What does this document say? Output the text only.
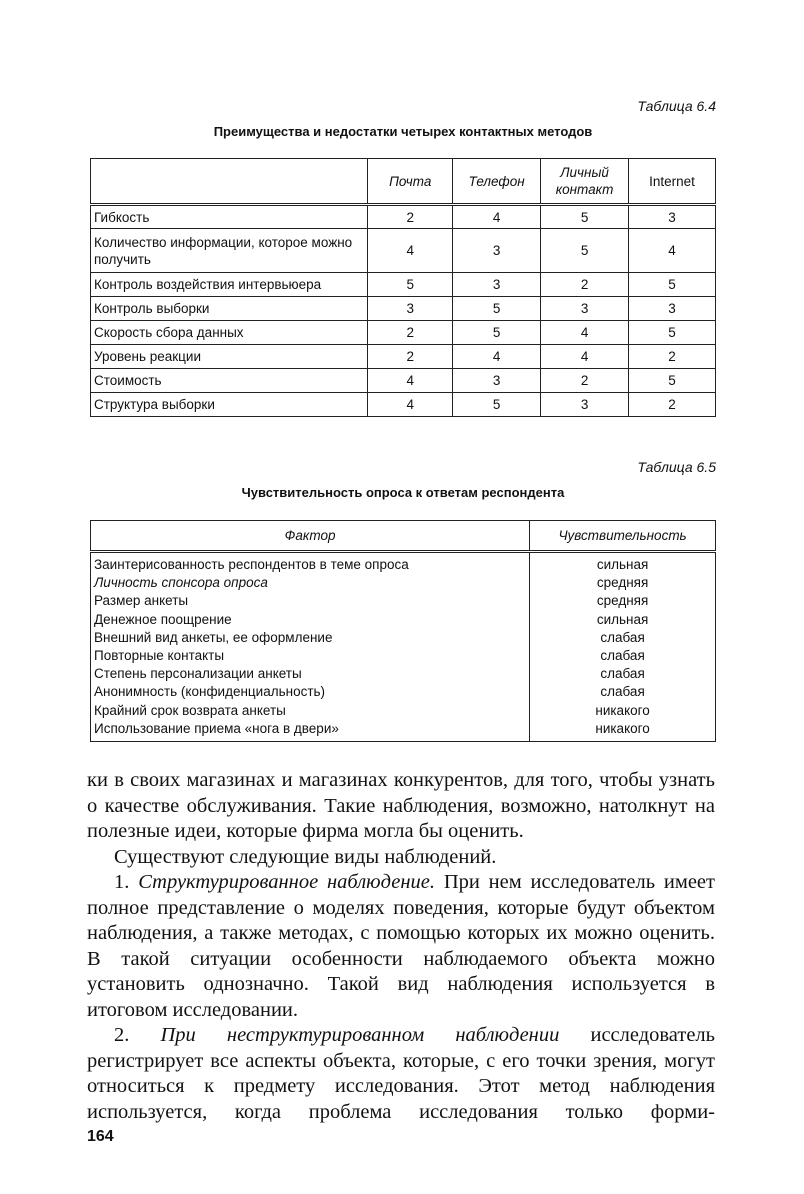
Таблица 6.4
Преимущества и недостатки четырех контактных методов
	Почта	Телефон	Личный контакт	Internet
Гибкость	2	4	5	3
Количество информации, которое можно получить	4	3	5	4
Контроль воздействия интервьюера	5	3	2	5
Контроль выборки	3	5	3	3
Скорость сбора данных	2	5	4	5
Уровень реакции	2	4	4	2
Стоимость	4	3	2	5
Структура выборки	4	5	3	2
Таблица 6.5
Чувствительность опроса к ответам респондента
Фактор	Чувствительность
Заинтерисованность респондентов в теме опроса	сильная
Личность спонсора опроса	средняя
Размер анкеты	средняя
Денежное поощрение	сильная
Внешний вид анкеты, ее оформление	слабая
Повторные контакты	слабая
Степень персонализации анкеты	слабая
Анонимность (конфиденциальность)	слабая
Крайний срок возврата анкеты	никакого
Использование приема «нога в двери»	никакого

ки в своих магазинах и магазинах конкурентов, для того, чтобы узнать о качестве обслуживания. Такие наблюдения, возможно, натолкнут на полезные идеи, которые фирма могла бы оценить.

Существуют следующие виды наблюдений.

1. Структурированное наблюдение. При нем исследователь имеет полное представление о моделях поведения, которые будут объектом наблюдения, а также методах, с помощью которых их можно оценить. В такой ситуации особенности наблюдаемого объекта можно установить однозначно. Такой вид наблюдения используется в итоговом исследовании.

2. При неструктурированном наблюдении исследователь регистрирует все аспекты объекта, которые, с его точки зрения, могут относиться к предмету исследования. Этот метод наблюдения используется, когда проблема исследования только форми-

164
